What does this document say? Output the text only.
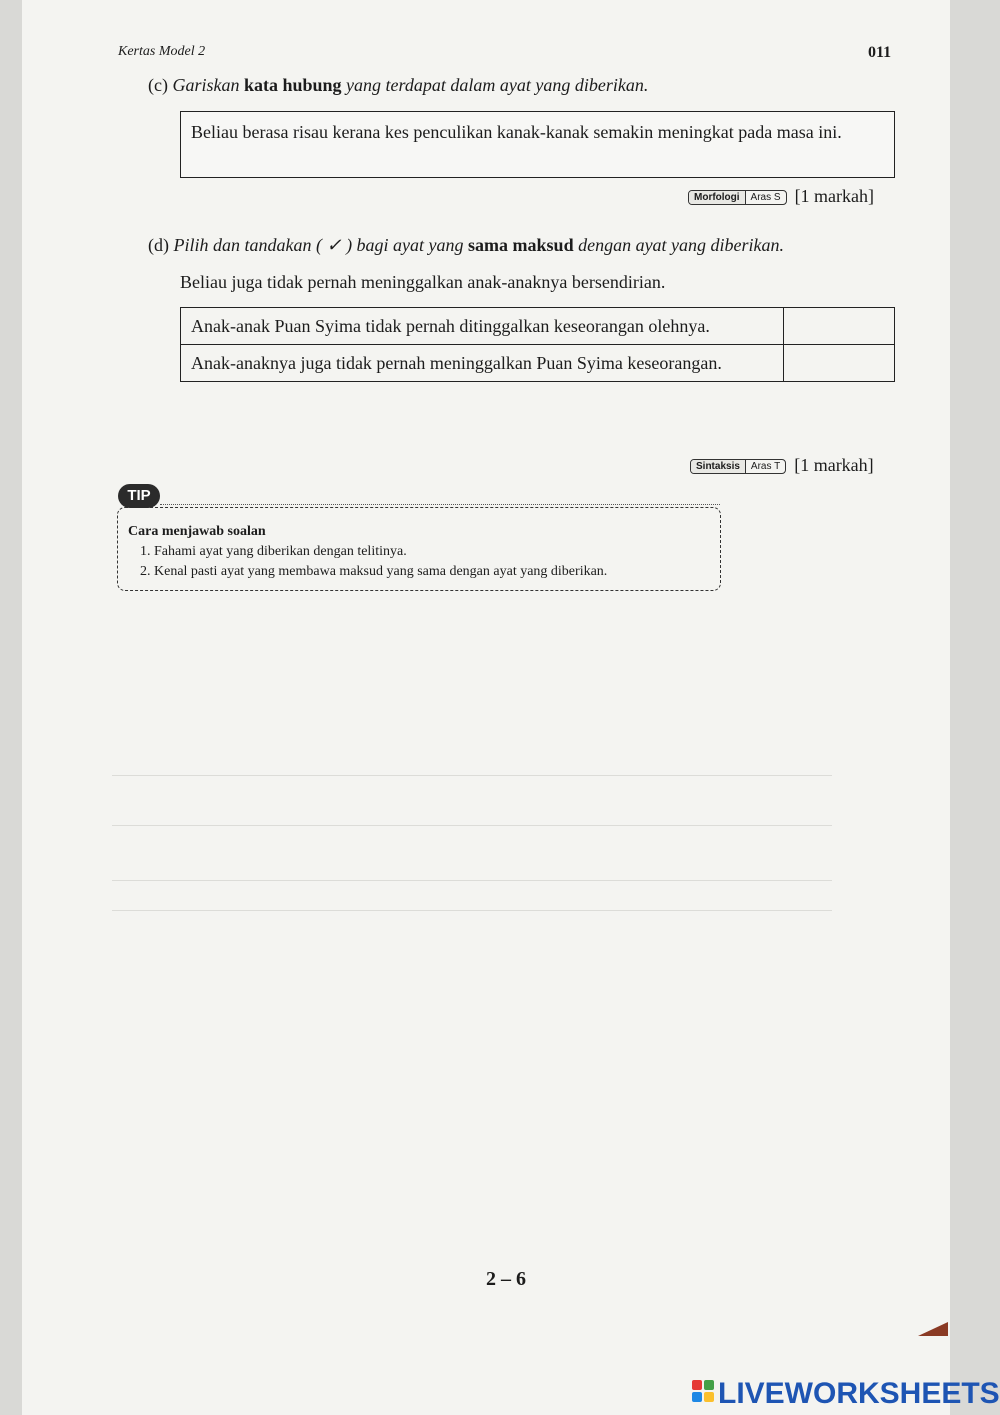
Kertas Model 2	011
(c) Gariskan kata hubung yang terdapat dalam ayat yang diberikan.
Beliau berasa risau kerana kes penculikan kanak-kanak semakin meningkat pada masa ini.
Morfologi	Aras S [1 markah]
(d) Pilih dan tandakan ( ✓ ) bagi ayat yang sama maksud dengan ayat yang diberikan.
Beliau juga tidak pernah meninggalkan anak-anaknya bersendirian.
Anak-anak Puan Syima tidak pernah ditinggalkan keseorangan olehnya.	
Anak-anaknya juga tidak pernah meninggalkan Puan Syima keseorangan.	
Sintaksis	Aras T [1 markah]
Cara menjawab soalan
1. Fahami ayat yang diberikan dengan telitinya.
2. Kenal pasti ayat yang membawa maksud yang sama dengan ayat yang diberikan.
TIP
2 – 6
LIVEWORKSHEETS
